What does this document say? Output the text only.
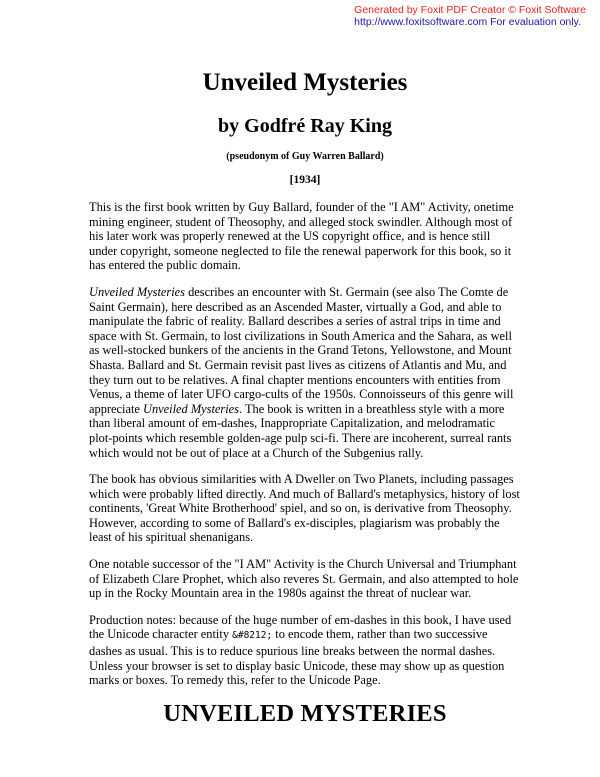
Generated by Foxit PDF Creator © Foxit Software
http://www.foxitsoftware.com For evaluation only.
Unveiled Mysteries
by Godfré Ray King
(pseudonym of Guy Warren Ballard)
[1934]

This is the first book written by Guy Ballard, founder of the "I AM" Activity, onetime mining engineer, student of Theosophy, and alleged stock swindler. Although most of his later work was properly renewed at the US copyright office, and is hence still under copyright, someone neglected to file the renewal paperwork for this book, so it has entered the public domain.

Unveiled Mysteries describes an encounter with St. Germain (see also The Comte de Saint Germain), here described as an Ascended Master, virtually a God, and able to manipulate the fabric of reality. Ballard describes a series of astral trips in time and space with St. Germain, to lost civilizations in South America and the Sahara, as well as well-stocked bunkers of the ancients in the Grand Tetons, Yellowstone, and Mount Shasta. Ballard and St. Germain revisit past lives as citizens of Atlantis and Mu, and they turn out to be relatives. A final chapter mentions encounters with entities from Venus, a theme of later UFO cargo-cults of the 1950s. Connoisseurs of this genre will appreciate Unveiled Mysteries. The book is written in a breathless style with a more than liberal amount of em-dashes, Inappropriate Capitalization, and melodramatic plot-points which resemble golden-age pulp sci-fi. There are incoherent, surreal rants which would not be out of place at a Church of the Subgenius rally.

The book has obvious similarities with A Dweller on Two Planets, including passages which were probably lifted directly. And much of Ballard's metaphysics, history of lost continents, 'Great White Brotherhood' spiel, and so on, is derivative from Theosophy. However, according to some of Ballard's ex-disciples, plagiarism was probably the least of his spiritual shenanigans.

One notable successor of the "I AM" Activity is the Church Universal and Triumphant of Elizabeth Clare Prophet, which also reveres St. Germain, and also attempted to hole up in the Rocky Mountain area in the 1980s against the threat of nuclear war.

Production notes: because of the huge number of em-dashes in this book, I have used the Unicode character entity &#8212; to encode them, rather than two successive dashes as usual. This is to reduce spurious line breaks between the normal dashes. Unless your browser is set to display basic Unicode, these may show up as question marks or boxes. To remedy this, refer to the Unicode Page.

UNVEILED MYSTERIES
